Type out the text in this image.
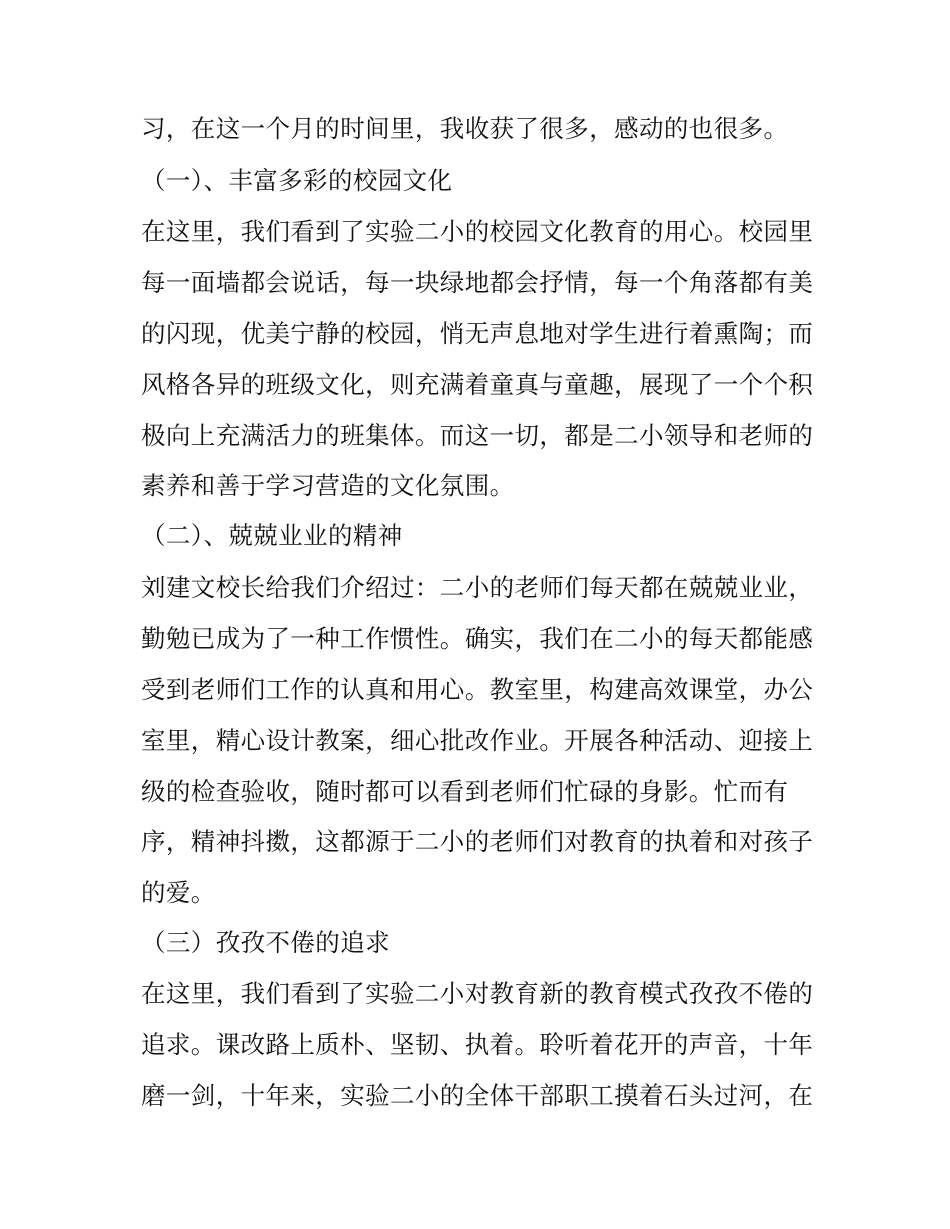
习，在这一个月的时间里，我收获了很多，感动的也很多。
（一）、丰富多彩的校园文化
在这里，我们看到了实验二小的校园文化教育的用心。校园里
每一面墙都会说话，每一块绿地都会抒情，每一个角落都有美
的闪现，优美宁静的校园，悄无声息地对学生进行着熏陶；而
风格各异的班级文化，则充满着童真与童趣，展现了一个个积
极向上充满活力的班集体。而这一切，都是二小领导和老师的
素养和善于学习营造的文化氛围。
（二）、兢兢业业的精神
刘建文校长给我们介绍过：二小的老师们每天都在兢兢业业，
勤勉已成为了一种工作惯性。确实，我们在二小的每天都能感
受到老师们工作的认真和用心。教室里，构建高效课堂，办公
室里，精心设计教案，细心批改作业。开展各种活动、迎接上
级的检查验收，随时都可以看到老师们忙碌的身影。忙而有
序，精神抖擞，这都源于二小的老师们对教育的执着和对孩子
的爱。
（三）孜孜不倦的追求
在这里，我们看到了实验二小对教育新的教育模式孜孜不倦的
追求。课改路上质朴、坚韧、执着。聆听着花开的声音，十年
磨一剑，十年来，实验二小的全体干部职工摸着石头过河，在
